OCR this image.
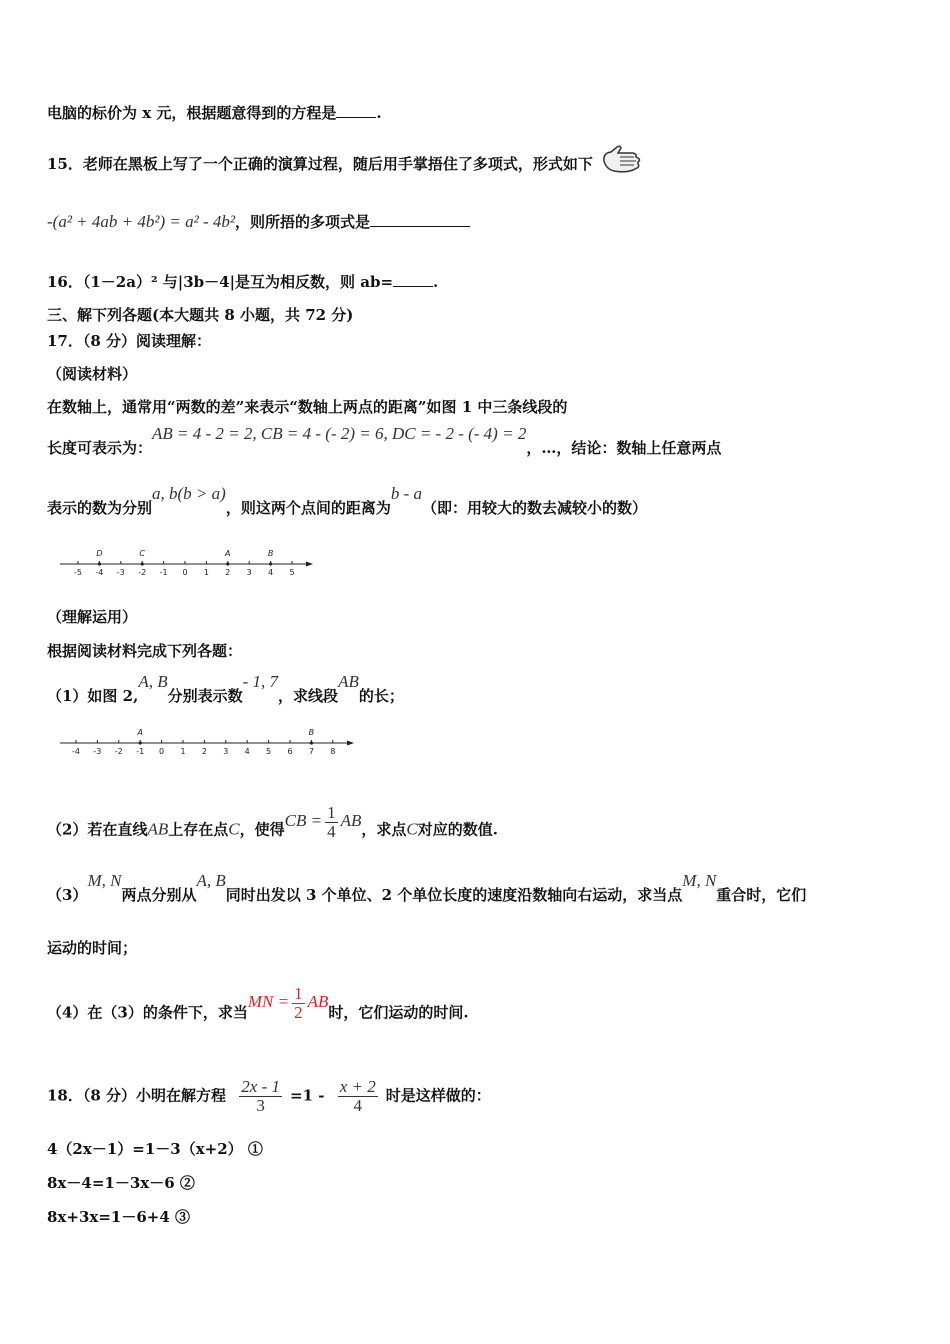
电脑的标价为 x 元，根据题意得到的方程是	.
15．老师在黑板上写了一个正确的演算过程，随后用手掌捂住了多项式，形式如下
-(a² + 4ab + 4b²) = a² - 4b²，则所捂的多项式是
16．（1－2a）² 与|3b－4|是互为相反数，则 ab=	.
三、解下列各题(本大题共 8 小题，共 72 分)
17．（8 分）阅读理解：
（阅读材料）
在数轴上，通常用“两数的差”来表示“数轴上两点的距离”如图 1 中三条线段的
长度可表示为：AB = 4 - 2 = 2, CB = 4 - (- 2) = 6, DC = - 2 - (- 4) = 2，…，结论：数轴上任意两点
表示的数为分别a, b(b > a)，则这两个点间的距离为b - a（即：用较大的数去减较小的数）
-5 -4 -3 -2 -1 0 1 2 3 4 5
D	C	A	B
（理解运用）
根据阅读材料完成下列各题：
（1）如图 2,A, B分别表示数- 1, 7，求线段AB的长；
-4 -3 -2 -1 0 1 2 3 4 5 6 7 8
A	B
（2）若在直线AB上存在点C，使得CB = $\frac{1}{4}$ AB，求点C对应的数值.
（3）M, N两点分别从A, B同时出发以 3 个单位、2 个单位长度的速度沿数轴向右运动，求当点M, N重合时，它们
运动的时间；
（4）在（3）的条件下，求当MN = $\frac{1}{2}$ AB时，它们运动的时间.
18．（8 分）小明在解方程 $\frac{2x - 1}{3} =1 - \frac{x + 2}{4}$ 时是这样做的：
4（2x－1）=1－3（x+2） ①
8x－4=1－3x－6 ②
8x+3x=1－6+4 ③
